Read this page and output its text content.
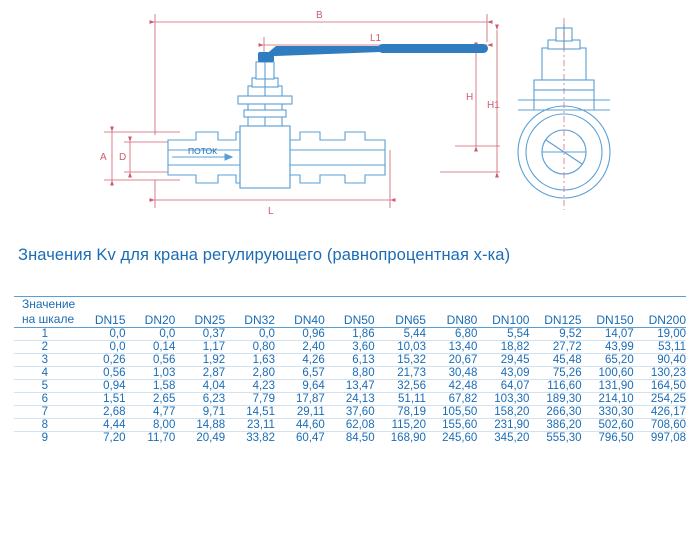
ПОТОК
B
L1
H
H1
A D
L
Значения Kv для крана регулирующего (равнопроцентная х-ка)
Значение
на шкале	DN15	DN20	DN25	DN32	DN40	DN50	DN65	DN80	DN100	DN125	DN150	DN200
1	0,0	0,0	0,37	0,0	0,96	1,86	5,44	6,80	5,54	9,52	14,07	19,00
2	0,0	0,14	1,17	0,80	2,40	3,60	10,03	13,40	18,82	27,72	43,99	53,11
3	0,26	0,56	1,92	1,63	4,26	6,13	15,32	20,67	29,45	45,48	65,20	90,40
4	0,56	1,03	2,87	2,80	6,57	8,80	21,73	30,48	43,09	75,26	100,60	130,23
5	0,94	1,58	4,04	4,23	9,64	13,47	32,56	42,48	64,07	116,60	131,90	164,50
6	1,51	2,65	6,23	7,79	17,87	24,13	51,11	67,82	103,30	189,30	214,10	254,25
7	2,68	4,77	9,71	14,51	29,11	37,60	78,19	105,50	158,20	266,30	330,30	426,17
8	4,44	8,00	14,88	23,11	44,60	62,08	115,20	155,60	231,90	386,20	502,60	708,60
9	7,20	11,70	20,49	33,82	60,47	84,50	168,90	245,60	345,20	555,30	796,50	997,08
